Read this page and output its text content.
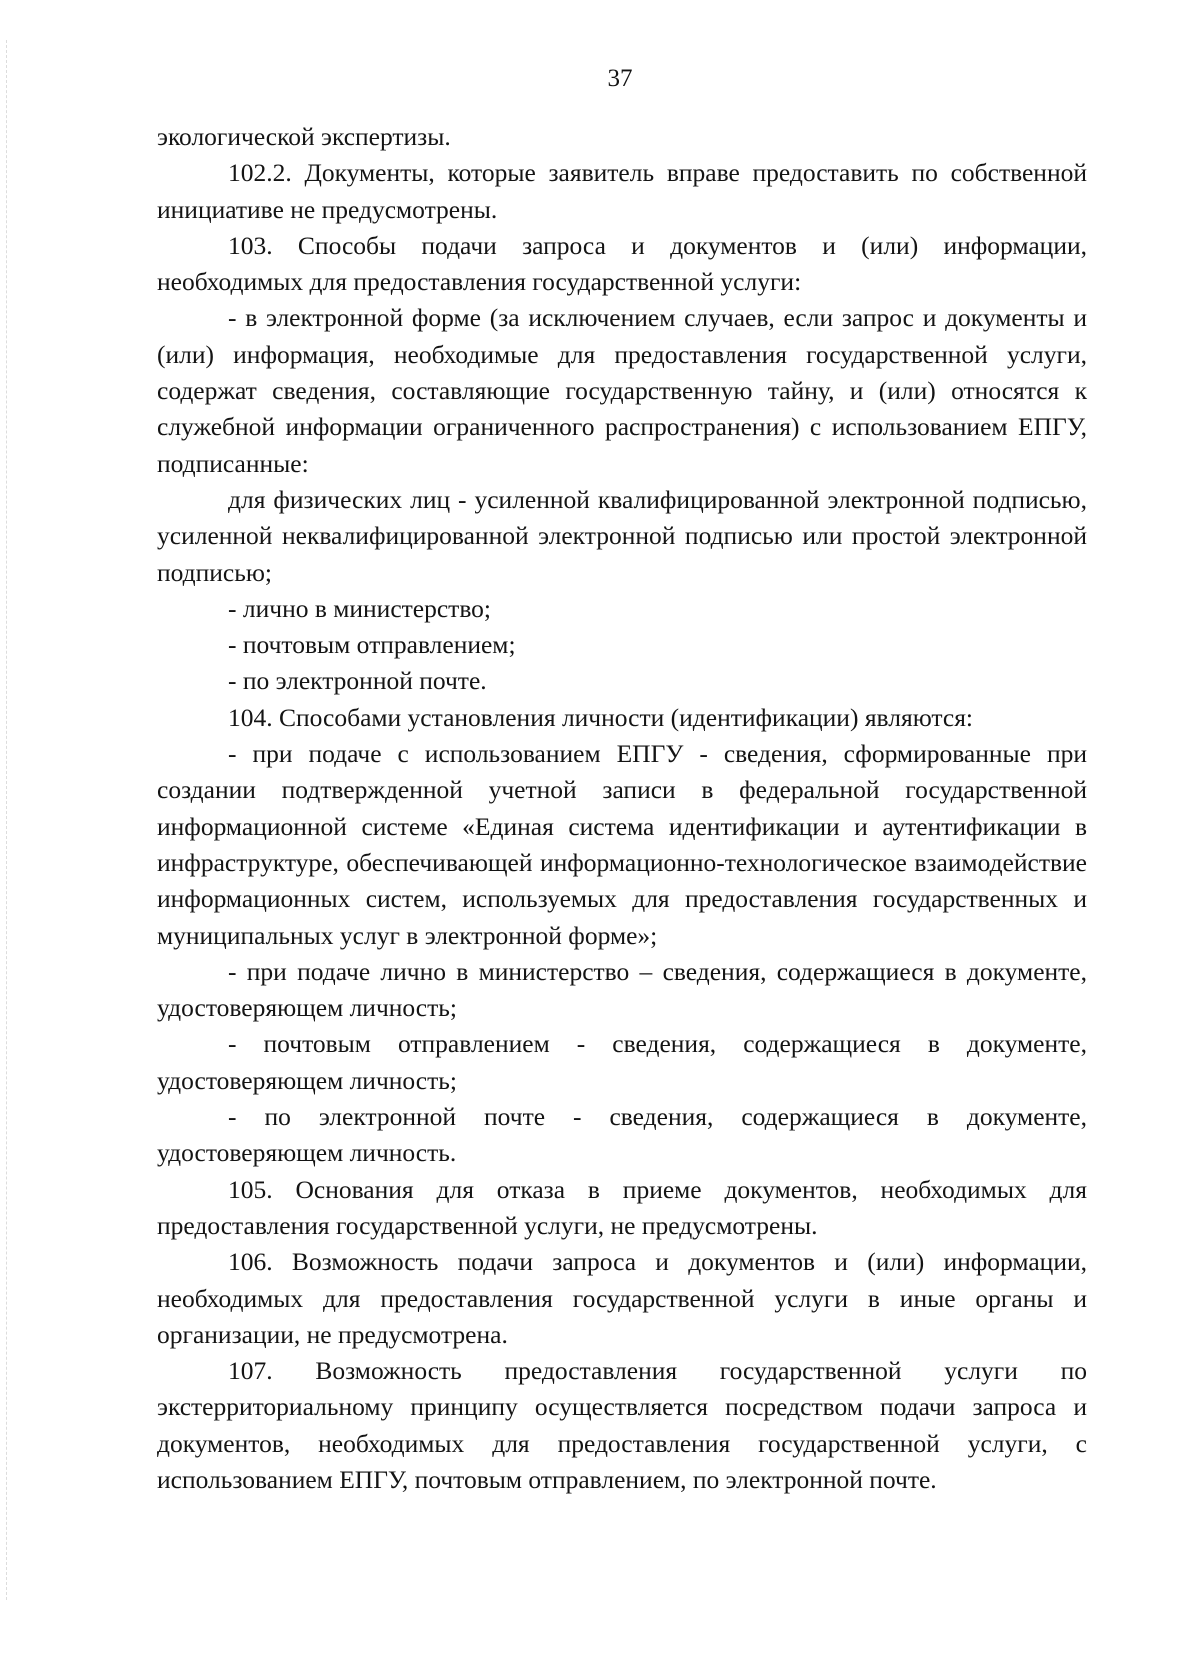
37

экологической экспертизы.

102.2. Документы, которые заявитель вправе предоставить по собственной инициативе не предусмотрены.

103. Способы подачи запроса и документов и (или) информации, необходимых для предоставления государственной услуги:

- в электронной форме (за исключением случаев, если запрос и документы и (или) информация, необходимые для предоставления государственной услуги, содержат сведения, составляющие государственную тайну, и (или) относятся к служебной информации ограниченного распространения) с использованием ЕПГУ, подписанные:

для физических лиц - усиленной квалифицированной электронной подписью, усиленной неквалифицированной электронной подписью или простой электронной подписью;

- лично в министерство;

- почтовым отправлением;

- по электронной почте.

104. Способами установления личности (идентификации) являются:

- при подаче с использованием ЕПГУ - сведения, сформированные при создании подтвержденной учетной записи в федеральной государственной информационной системе «Единая система идентификации и аутентификации в инфраструктуре, обеспечивающей информационно-технологическое взаимодействие информационных систем, используемых для предоставления государственных и муниципальных услуг в электронной форме»;

- при подаче лично в министерство – сведения, содержащиеся в документе, удостоверяющем личность;

- почтовым отправлением - сведения, содержащиеся в документе, удостоверяющем личность;

- по электронной почте - сведения, содержащиеся в документе, удостоверяющем личность.

105. Основания для отказа в приеме документов, необходимых для предоставления государственной услуги, не предусмотрены.

106. Возможность подачи запроса и документов и (или) информации, необходимых для предоставления государственной услуги в иные органы и организации, не предусмотрена.

107. Возможность предоставления государственной услуги по экстерриториальному принципу осуществляется посредством подачи запроса и документов, необходимых для предоставления государственной услуги, с использованием ЕПГУ, почтовым отправлением, по электронной почте.
